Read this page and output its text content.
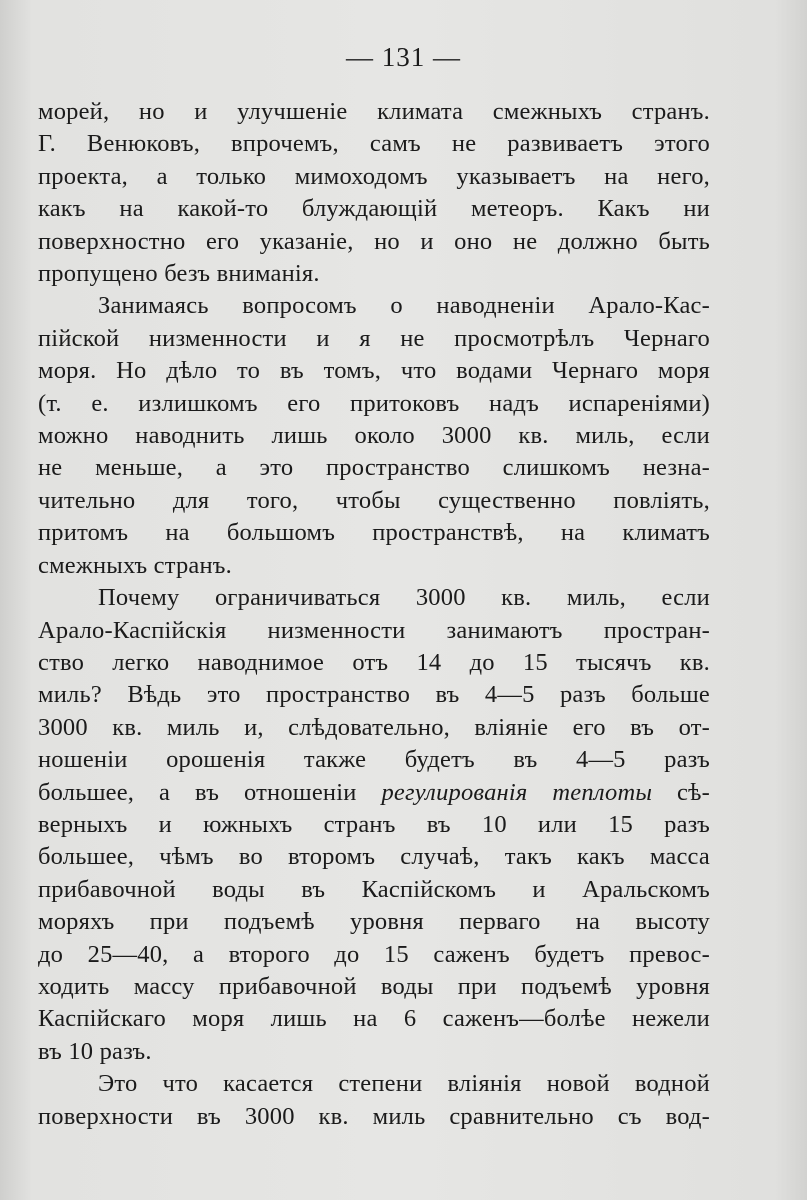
— 131 —

морей, но и улучшеніе климата смежныхъ странъ.
Г. Венюковъ, впрочемъ, самъ не развиваетъ этого
проекта, а только мимоходомъ указываетъ на него,
какъ на какой-то блуждающій метеоръ. Какъ ни
поверхностно его указаніе, но и оно не должно быть
пропущено безъ вниманія.

Занимаясь вопросомъ о наводненіи Арало-Кас-
пійской низменности и я не просмотрѣлъ Чернаго
моря. Но дѣло то въ томъ, что водами Чернаго моря
(т. е. излишкомъ его притоковъ надъ испареніями)
можно наводнить лишь около 3000 кв. миль, если
не меньше, а это пространство слишкомъ незна-
чительно для того, чтобы существенно повліять,
притомъ на большомъ пространствѣ, на климатъ
смежныхъ странъ.

Почему ограничиваться 3000 кв. миль, если
Арало-Каспійскія низменности занимаютъ простран-
ство легко наводнимое отъ 14 до 15 тысячъ кв.
миль? Вѣдь это пространство въ 4—5 разъ больше
3000 кв. миль и, слѣдовательно, вліяніе его въ от-
ношеніи орошенія также будетъ въ 4—5 разъ
большее, а въ отношеніи регулированія теплоты сѣ-
верныхъ и южныхъ странъ въ 10 или 15 разъ
большее, чѣмъ во второмъ случаѣ, такъ какъ масса
прибавочной воды въ Каспійскомъ и Аральскомъ
моряхъ при подъемѣ уровня перваго на высоту
до 25—40, а второго до 15 саженъ будетъ превос-
ходить массу прибавочной воды при подъемѣ уровня
Каспійскаго моря лишь на 6 саженъ—болѣе нежели
въ 10 разъ.

Это что касается степени вліянія новой водной
поверхности въ 3000 кв. миль сравнительно съ вод-
